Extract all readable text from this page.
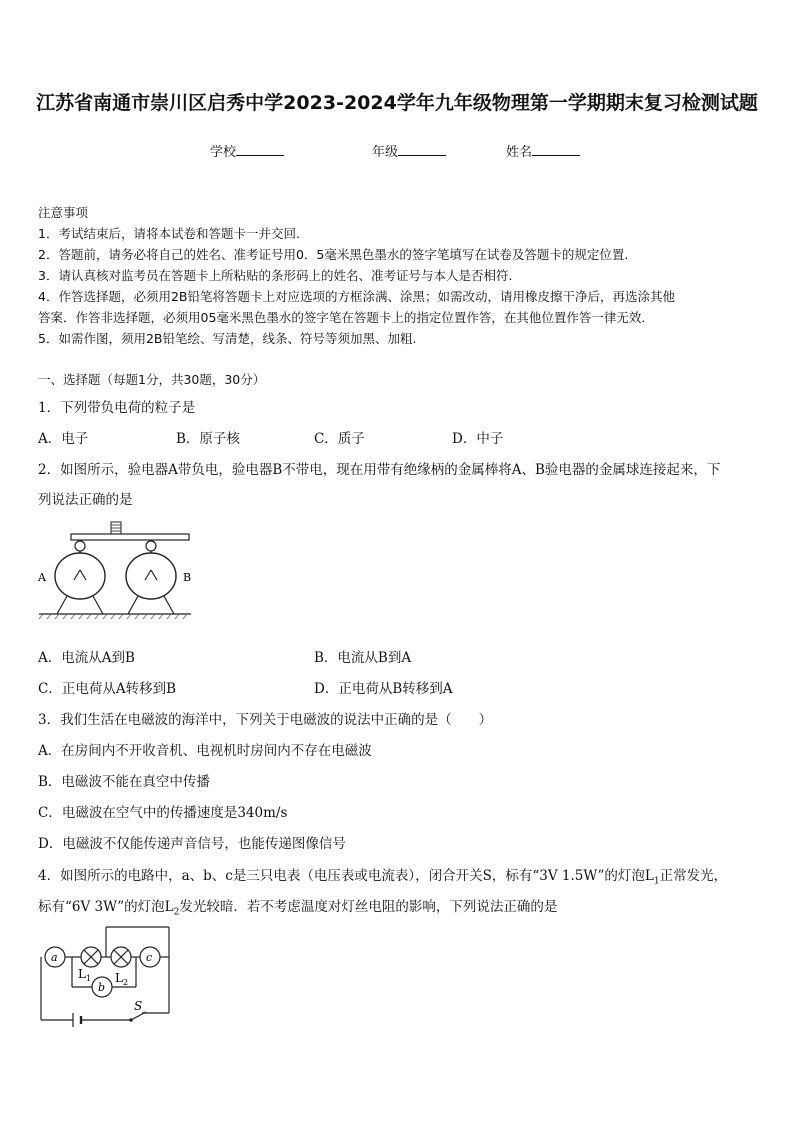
江苏省南通市崇川区启秀中学2023-2024学年九年级物理第一学期期末复习检测试题
学校	年级	姓名
注意事项
1．考试结束后，请将本试卷和答题卡一并交回.
2．答题前，请务必将自己的姓名、准考证号用0．5毫米黑色墨水的签字笔填写在试卷及答题卡的规定位置.
3．请认真核对监考员在答题卡上所粘贴的条形码上的姓名、准考证号与本人是否相符.
4．作答选择题，必须用2B铅笔将答题卡上对应选项的方框涂满、涂黑；如需改动，请用橡皮擦干净后，再选涂其他
答案．作答非选择题，必须用05毫米黑色墨水的签字笔在答题卡上的指定位置作答，在其他位置作答一律无效．
5．如需作图，须用2B铅笔绘、写清楚，线条、符号等须加黑、加粗.
一、选择题（每题1分，共30题，30分）
1．下列带负电荷的粒子是
A．电子	B．原子核	C．质子	D．中子
2．如图所示，验电器A带负电，验电器B不带电，现在用带有绝缘柄的金属棒将A、B验电器的金属球连接起来，下
列说法正确的是
A	B
A．电流从A到B	B．电流从B到A
C．正电荷从A转移到B	D．正电荷从B转移到A
3．我们生活在电磁波的海洋中，下列关于电磁波的说法中正确的是（　　）
A．在房间内不开收音机、电视机时房间内不存在电磁波
B．电磁波不能在真空中传播
C．电磁波在空气中的传播速度是340m/s
D．电磁波不仅能传递声音信号，也能传递图像信号
4．如图所示的电路中，a、b、c是三只电表（电压表或电流表），闭合开关S，标有“3V 1.5W”的灯泡$L_1$正常发光，
标有“6V 3W”的灯泡$L_2$发光较暗．若不考虑温度对灯丝电阻的影响，下列说法正确的是
a	c
b
$L_1$ $L_2$
S
